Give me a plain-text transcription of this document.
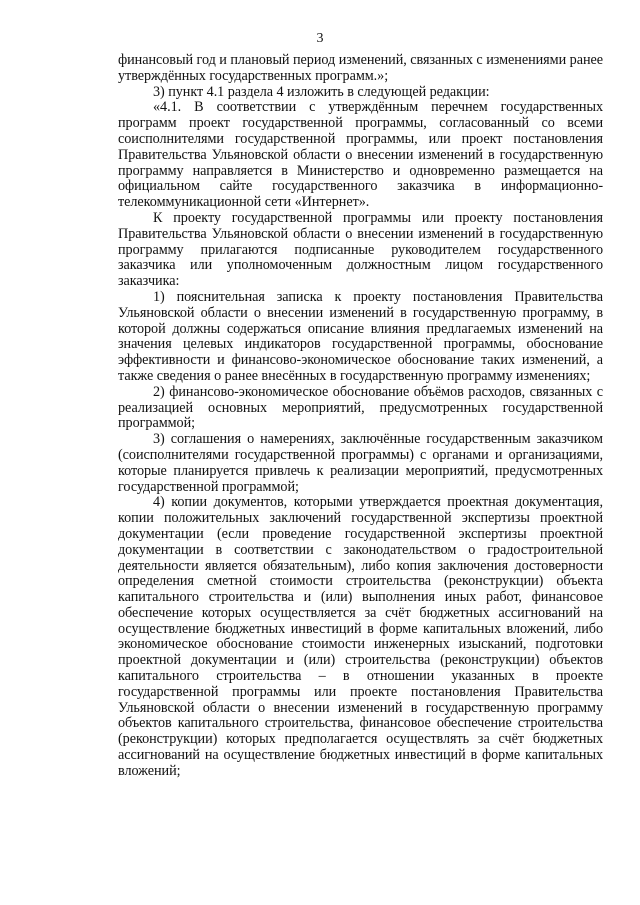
3

финансовый год и плановый период изменений, связанных с изменениями ранее утверждённых государственных программ.»;

3) пункт 4.1 раздела 4 изложить в следующей редакции:

«4.1. В соответствии с утверждённым перечнем государственных программ проект государственной программы, согласованный со всеми соисполнителями государственной программы, или проект постановления Правительства Ульяновской области о внесении изменений в государственную программу направляется в Министерство и одновременно размещается на официальном сайте государственного заказчика в информационно-телекоммуникационной сети «Интернет».

К проекту государственной программы или проекту постановления Правительства Ульяновской области о внесении изменений в государственную программу прилагаются подписанные руководителем государственного заказчика или уполномоченным должностным лицом государственного заказчика:

1) пояснительная записка к проекту постановления Правительства Ульяновской области о внесении изменений в государственную программу, в которой должны содержаться описание влияния предлагаемых изменений на значения целевых индикаторов государственной программы, обоснование эффективности и финансово-экономическое обоснование таких изменений, а также сведения о ранее внесённых в государственную программу изменениях;

2) финансово-экономическое обоснование объёмов расходов, связанных с реализацией основных мероприятий, предусмотренных государственной программой;

3) соглашения о намерениях, заключённые государственным заказчиком (соисполнителями государственной программы) с органами и организациями, которые планируется привлечь к реализации мероприятий, предусмотренных государственной программой;

4) копии документов, которыми утверждается проектная документация, копии положительных заключений государственной экспертизы проектной документации (если проведение государственной экспертизы проектной документации в соответствии с законодательством о градостроительной деятельности является обязательным), либо копия заключения достоверности определения сметной стоимости строительства (реконструкции) объекта капитального строительства и (или) выполнения иных работ, финансовое обеспечение которых осуществляется за счёт бюджетных ассигнований на осуществление бюджетных инвестиций в форме капитальных вложений, либо экономическое обоснование стоимости инженерных изысканий, подготовки проектной документации и (или) строительства (реконструкции) объектов капитального строительства – в отношении указанных в проекте государственной программы или проекте постановления Правительства Ульяновской области о внесении изменений в государственную программу объектов капитального строительства, финансовое обеспечение строительства (реконструкции) которых предполагается осуществлять за счёт бюджетных ассигнований на осуществление бюджетных инвестиций в форме капитальных вложений;
